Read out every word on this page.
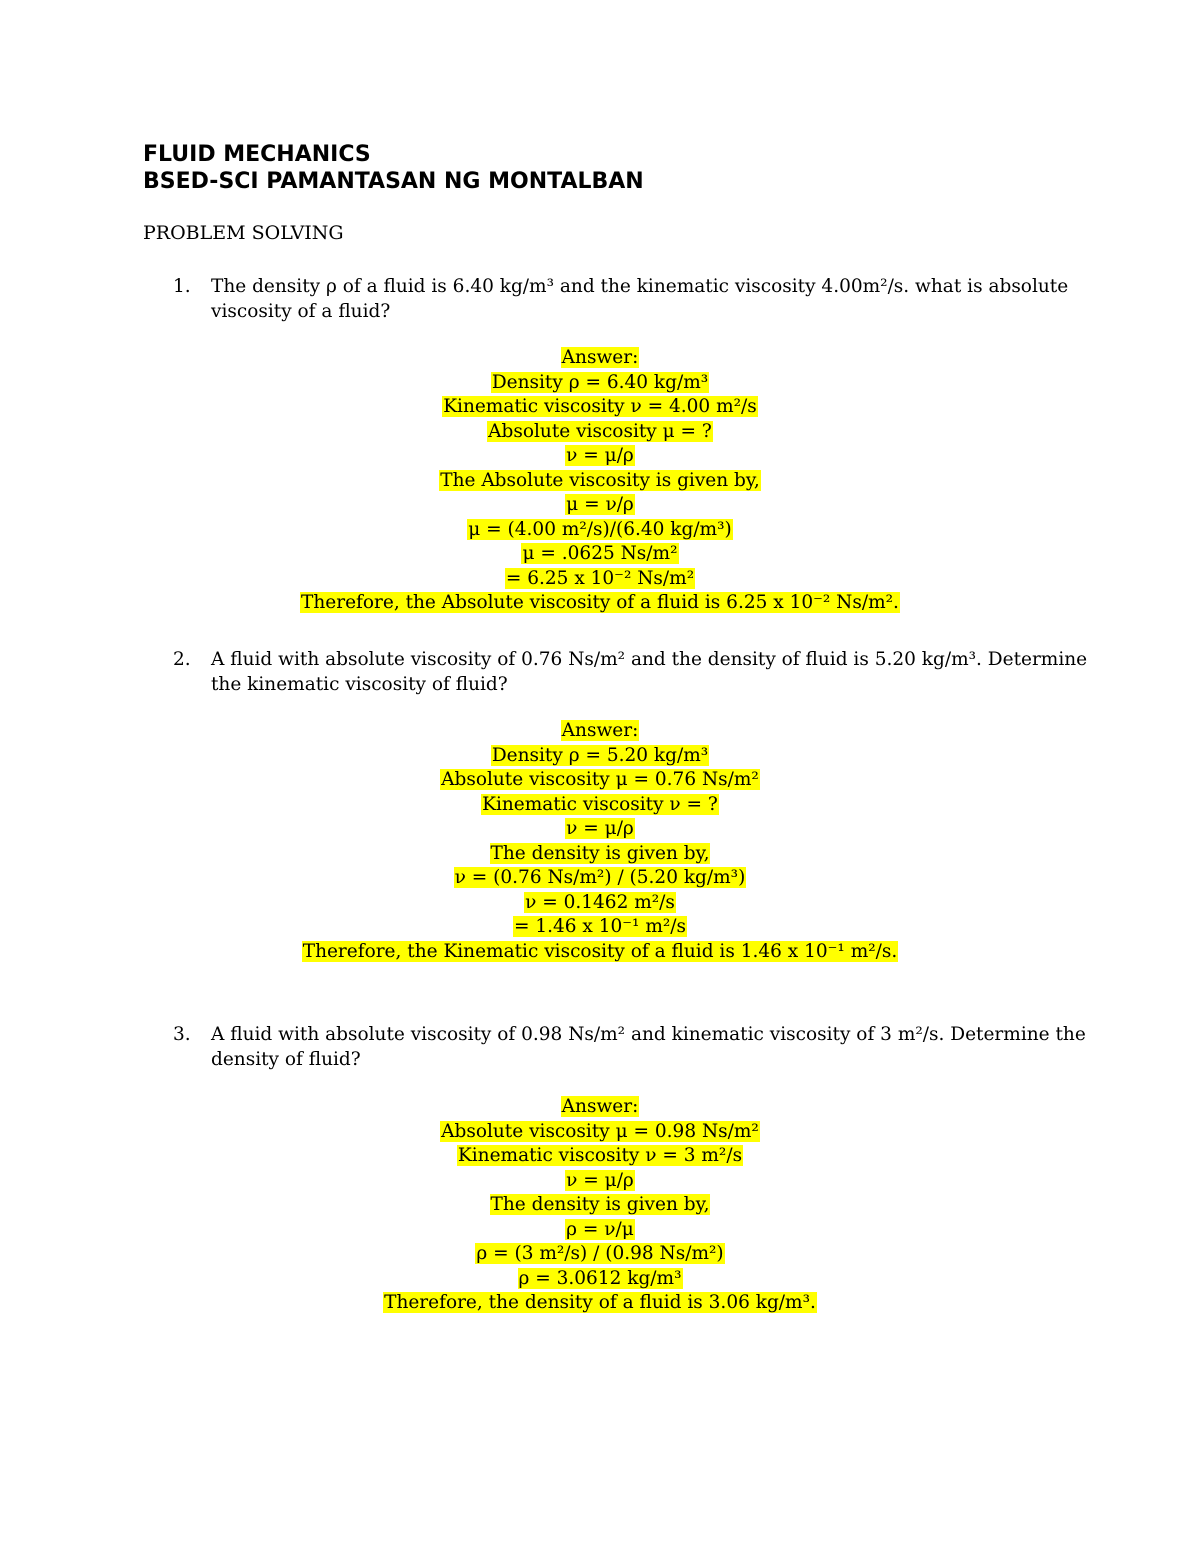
FLUID MECHANICS
BSED-SCI PAMANTASAN NG MONTALBAN
PROBLEM SOLVING
1. The density ρ of a fluid is 6.40 kg/m³ and the kinematic viscosity 4.00m²/s. what is absolute viscosity of a fluid?
Answer:
Density ρ = 6.40 kg/m³
Kinematic viscosity ν = 4.00 m²/s
Absolute viscosity μ = ?
ν = μ/ρ
The Absolute viscosity is given by,
μ = ν/ρ
μ = (4.00 m²/s)/(6.40 kg/m³)
μ = .0625 Ns/m²
= 6.25 x 10⁻² Ns/m²
Therefore, the Absolute viscosity of a fluid is 6.25 x 10⁻² Ns/m².
2. A fluid with absolute viscosity of 0.76 Ns/m² and the density of fluid is 5.20 kg/m³. Determine the kinematic viscosity of fluid?
Answer:
Density ρ = 5.20 kg/m³
Absolute viscosity μ = 0.76 Ns/m²
Kinematic viscosity ν = ?
ν = μ/ρ
The density is given by,
ν = (0.76 Ns/m²) / (5.20 kg/m³)
ν = 0.1462 m²/s
= 1.46 x 10⁻¹ m²/s
Therefore, the Kinematic viscosity of a fluid is 1.46 x 10⁻¹ m²/s.
3. A fluid with absolute viscosity of 0.98 Ns/m² and kinematic viscosity of 3 m²/s. Determine the density of fluid?
Answer:
Absolute viscosity μ = 0.98 Ns/m²
Kinematic viscosity ν = 3 m²/s
ν = μ/ρ
The density is given by,
ρ = ν/μ
ρ = (3 m²/s) / (0.98 Ns/m²)
ρ = 3.0612 kg/m³
Therefore, the density of a fluid is 3.06 kg/m³.
